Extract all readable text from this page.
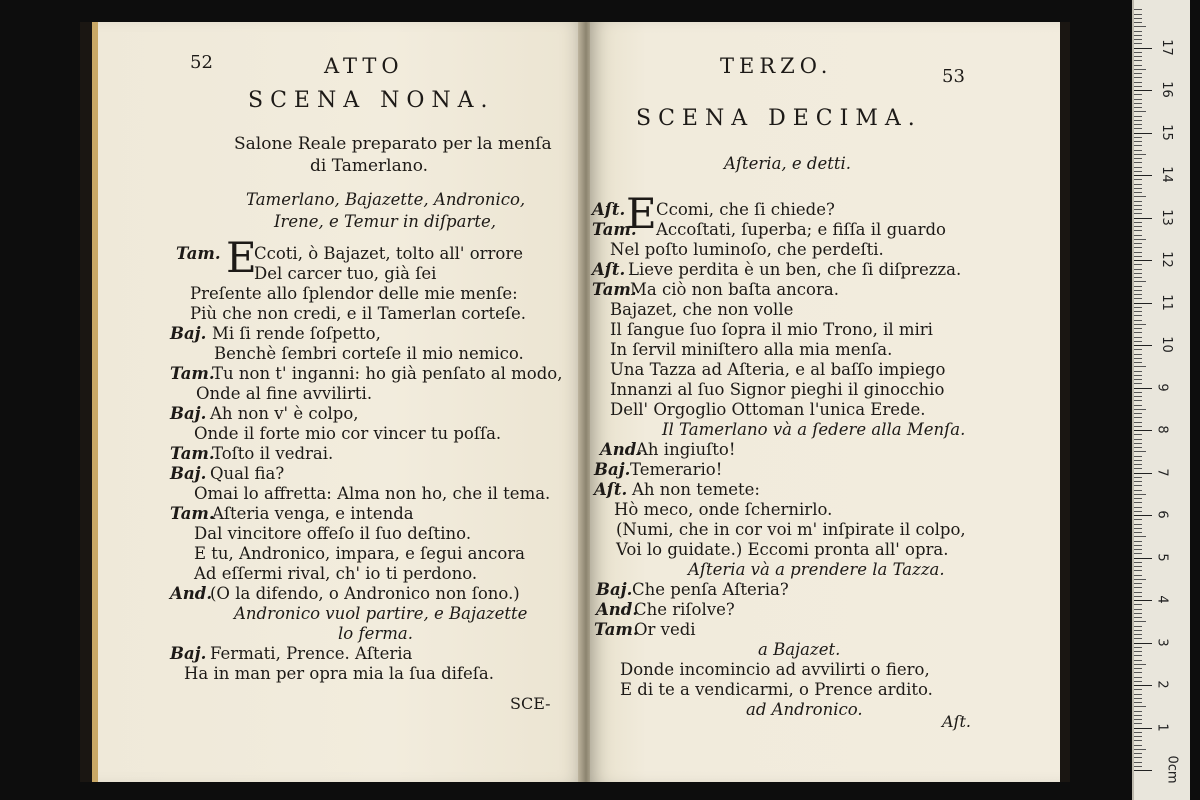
52	ATTO
SCENA NONA.
Salone Reale preparato per la menſa
di Tamerlano.
Tamerlano, Bajazette, Andronico,
Irene, e Temur in diſparte,
Tam. E
Ccoti, ò Bajazet, tolto all' orrore
Del carcer tuo, già ſei
Preſente allo ſplendor delle mie menſe:
Più che non credi, e il Tamerlan corteſe.
Baj. Mi ſi rende ſoſpetto,
Benchè ſembri corteſe il mio nemico.
Tam.
Tu non t' inganni: ho già penſato al modo,
Onde al fine avvilirti.
Baj. Ah non v' è colpo,
Onde il forte mio cor vincer tu poſſa.
Tam.
Toſto il vedrai.
Baj. Qual fia?
Omai lo affretta: Alma non ho, che il tema.
Tam.
Aſteria venga, e intenda
Dal vincitore offeſo il ſuo deſtino.
E tu, Andronico, impara, e ſegui ancora
Ad eſſermi rival, ch' io ti perdono.
And.
(O la difendo, o Andronico non ſono.)
Andronico vuol partire, e Bajazette
lo ferma.
Baj. Fermati, Prence. Aſteria
Ha in man per opra mia la ſua difeſa.
SCE-
TERZO.	53
SCENA DECIMA.
Aſteria, e detti.
Aſt. E Ccomi, che ſi chiede?
Tam. Accoſtati, ſuperba; e fiſſa il guardo
Nel poſto luminoſo, che perdeſti.
Aſt. Lieve perdita è un ben, che ſi diſprezza.
Tam.
Ma ciò non baſta ancora.
Bajazet, che non volle
Il ſangue ſuo ſopra il mio Trono, il miri
In ſervil miniſtero alla mia menſa.
Una Tazza ad Aſteria, e al baſſo impiego
Innanzi al ſuo Signor pieghi il ginocchio
Dell' Orgoglio Ottoman l'unica Erede.
Il Tamerlano và a ſedere alla Menſa.
And.
Ah ingiuſto!
Baj. Temerario!
Aſt. Ah non temete:
Hò meco, onde ſchernirlo.
(Numi, che in cor voi m' inſpirate il colpo,
Voi lo guidate.) Eccomi pronta all' opra.
Aſteria và a prendere la Tazza.
Baj. Che penſa Aſteria?
And.
Che riſolve?
Tam.
Or vedi
a Bajazet.
Donde incomincio ad avvilirti o fiero,
E di te a vendicarmi, o Prence ardito.
ad Andronico.
Aſt.
0cm
1
2
3
4
5
6
7
8
9
10
11
12
13
14
15
16
17
